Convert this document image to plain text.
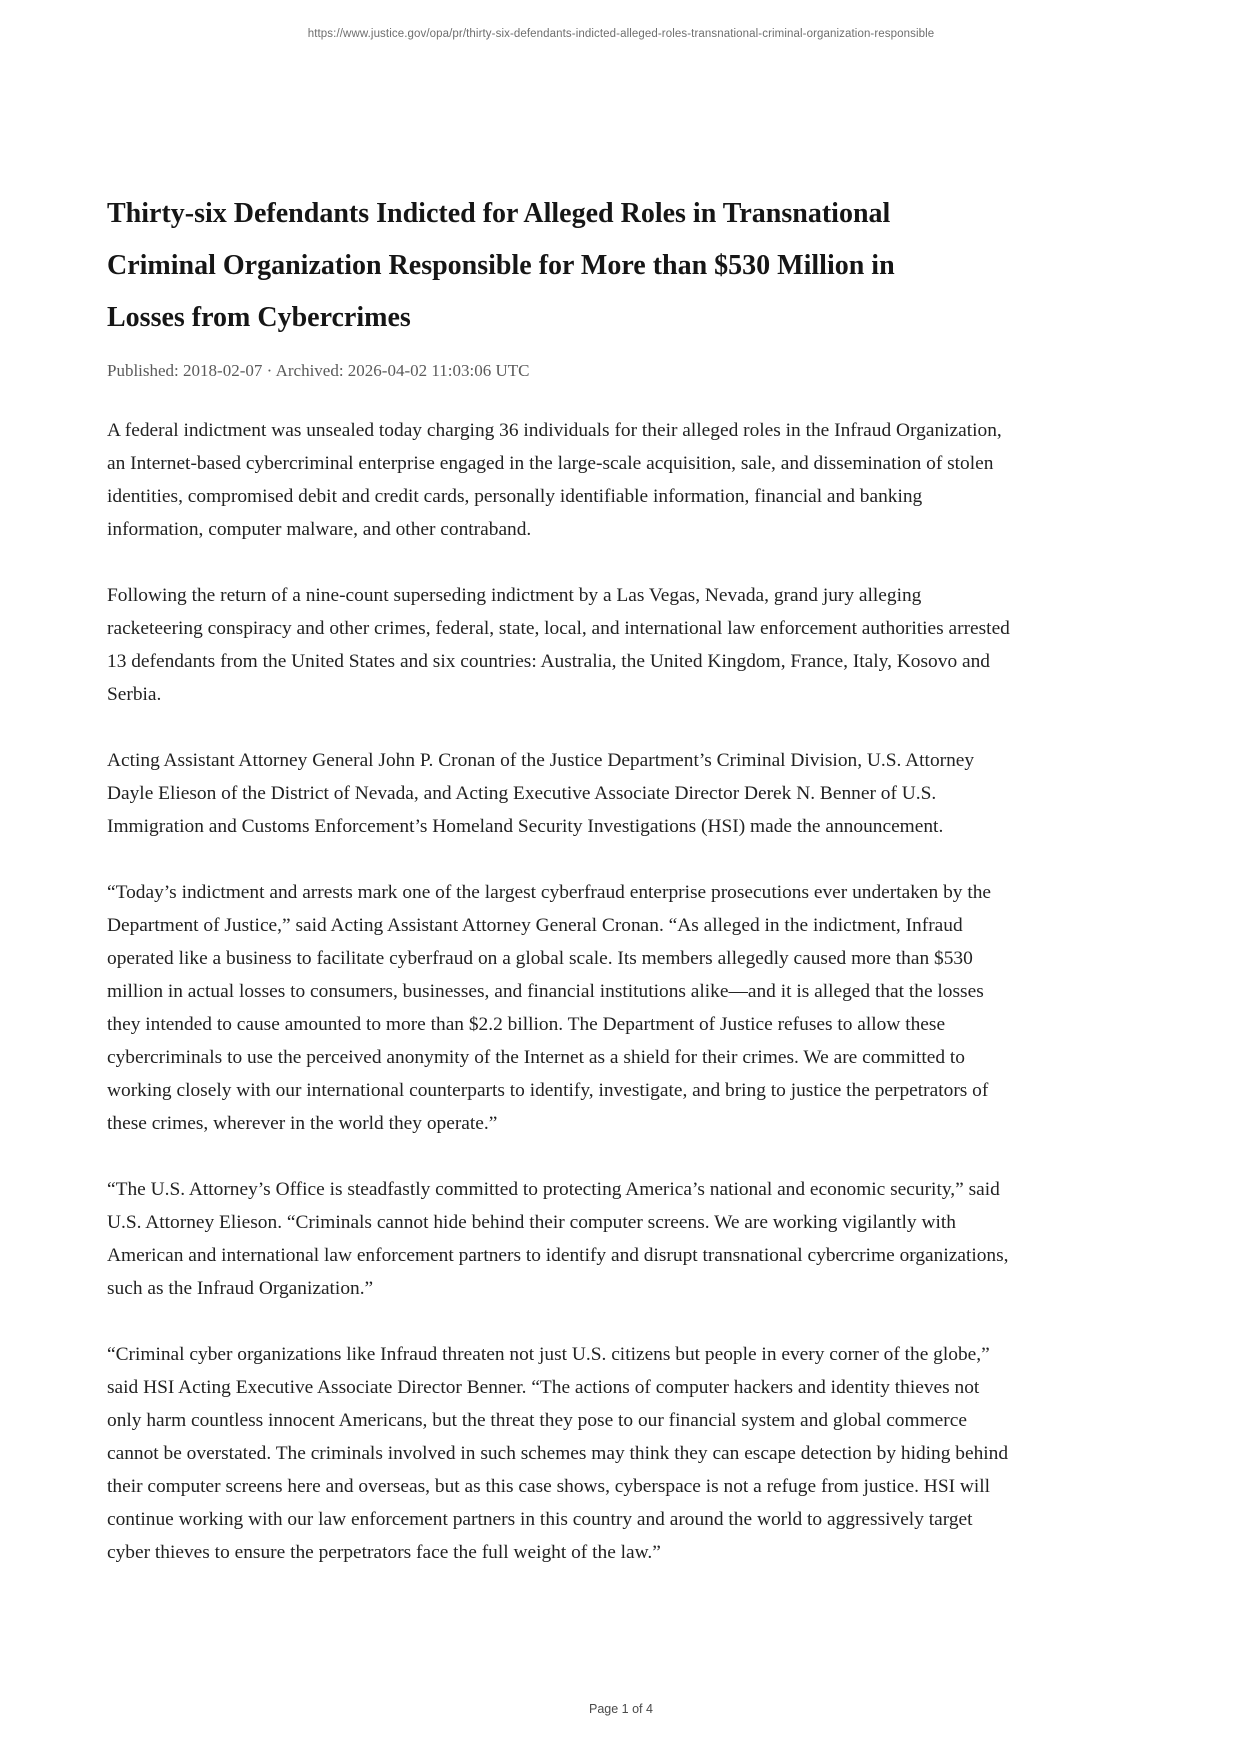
https://www.justice.gov/opa/pr/thirty-six-defendants-indicted-alleged-roles-transnational-criminal-organization-responsible
Thirty-six Defendants Indicted for Alleged Roles in Transnational
Criminal Organization Responsible for More than $530 Million in
Losses from Cybercrimes
Published: 2018-02-07 · Archived: 2026-04-02 11:03:06 UTC

A federal indictment was unsealed today charging 36 individuals for their alleged roles in the Infraud Organization, an Internet-based cybercriminal enterprise engaged in the large-scale acquisition, sale, and dissemination of stolen identities, compromised debit and credit cards, personally identifiable information, financial and banking information, computer malware, and other contraband.

Following the return of a nine-count superseding indictment by a Las Vegas, Nevada, grand jury alleging racketeering conspiracy and other crimes, federal, state, local, and international law enforcement authorities arrested 13 defendants from the United States and six countries: Australia, the United Kingdom, France, Italy, Kosovo and Serbia.

Acting Assistant Attorney General John P. Cronan of the Justice Department’s Criminal Division, U.S. Attorney Dayle Elieson of the District of Nevada, and Acting Executive Associate Director Derek N. Benner of U.S. Immigration and Customs Enforcement’s Homeland Security Investigations (HSI) made the announcement.

“Today’s indictment and arrests mark one of the largest cyberfraud enterprise prosecutions ever undertaken by the Department of Justice,” said Acting Assistant Attorney General Cronan. “As alleged in the indictment, Infraud operated like a business to facilitate cyberfraud on a global scale. Its members allegedly caused more than $530 million in actual losses to consumers, businesses, and financial institutions alike—and it is alleged that the losses they intended to cause amounted to more than $2.2 billion. The Department of Justice refuses to allow these cybercriminals to use the perceived anonymity of the Internet as a shield for their crimes. We are committed to working closely with our international counterparts to identify, investigate, and bring to justice the perpetrators of these crimes, wherever in the world they operate.”

“The U.S. Attorney’s Office is steadfastly committed to protecting America’s national and economic security,” said U.S. Attorney Elieson. “Criminals cannot hide behind their computer screens. We are working vigilantly with American and international law enforcement partners to identify and disrupt transnational cybercrime organizations, such as the Infraud Organization.”

“Criminal cyber organizations like Infraud threaten not just U.S. citizens but people in every corner of the globe,” said HSI Acting Executive Associate Director Benner. “The actions of computer hackers and identity thieves not only harm countless innocent Americans, but the threat they pose to our financial system and global commerce cannot be overstated. The criminals involved in such schemes may think they can escape detection by hiding behind their computer screens here and overseas, but as this case shows, cyberspace is not a refuge from justice. HSI will continue working with our law enforcement partners in this country and around the world to aggressively target cyber thieves to ensure the perpetrators face the full weight of the law.”

Page 1 of 4
